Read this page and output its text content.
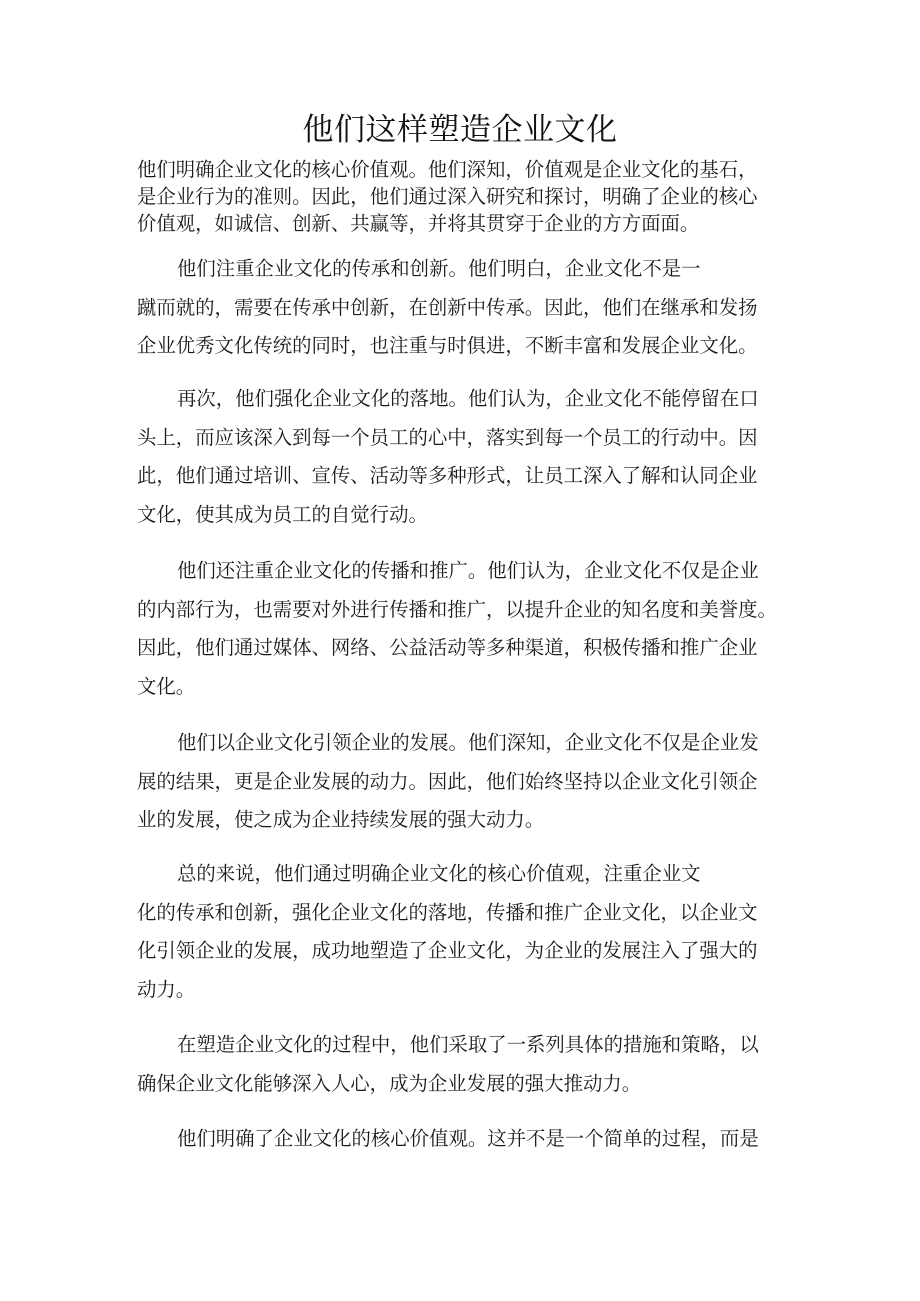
他们这样塑造企业文化

他们明确企业文化的核心价值观。他们深知，价值观是企业文化的基石，
是企业行为的准则。因此，他们通过深入研究和探讨，明确了企业的核心
价值观，如诚信、创新、共赢等，并将其贯穿于企业的方方面面。

他们注重企业文化的传承和创新。他们明白，企业文化不是一
蹴而就的，需要在传承中创新，在创新中传承。因此，他们在继承和发扬
企业优秀文化传统的同时，也注重与时俱进，不断丰富和发展企业文化。

再次，他们强化企业文化的落地。他们认为，企业文化不能停留在口
头上，而应该深入到每一个员工的心中，落实到每一个员工的行动中。因
此，他们通过培训、宣传、活动等多种形式，让员工深入了解和认同企业
文化，使其成为员工的自觉行动。

他们还注重企业文化的传播和推广。他们认为，企业文化不仅是企业
的内部行为，也需要对外进行传播和推广，以提升企业的知名度和美誉度。
因此，他们通过媒体、网络、公益活动等多种渠道，积极传播和推广企业
文化。

他们以企业文化引领企业的发展。他们深知，企业文化不仅是企业发
展的结果，更是企业发展的动力。因此，他们始终坚持以企业文化引领企
业的发展，使之成为企业持续发展的强大动力。

总的来说，他们通过明确企业文化的核心价值观，注重企业文
化的传承和创新，强化企业文化的落地，传播和推广企业文化，以企业文
化引领企业的发展，成功地塑造了企业文化，为企业的发展注入了强大的
动力。

在塑造企业文化的过程中，他们采取了一系列具体的措施和策略，以
确保企业文化能够深入人心，成为企业发展的强大推动力。

他们明确了企业文化的核心价值观。这并不是一个简单的过程，而是
